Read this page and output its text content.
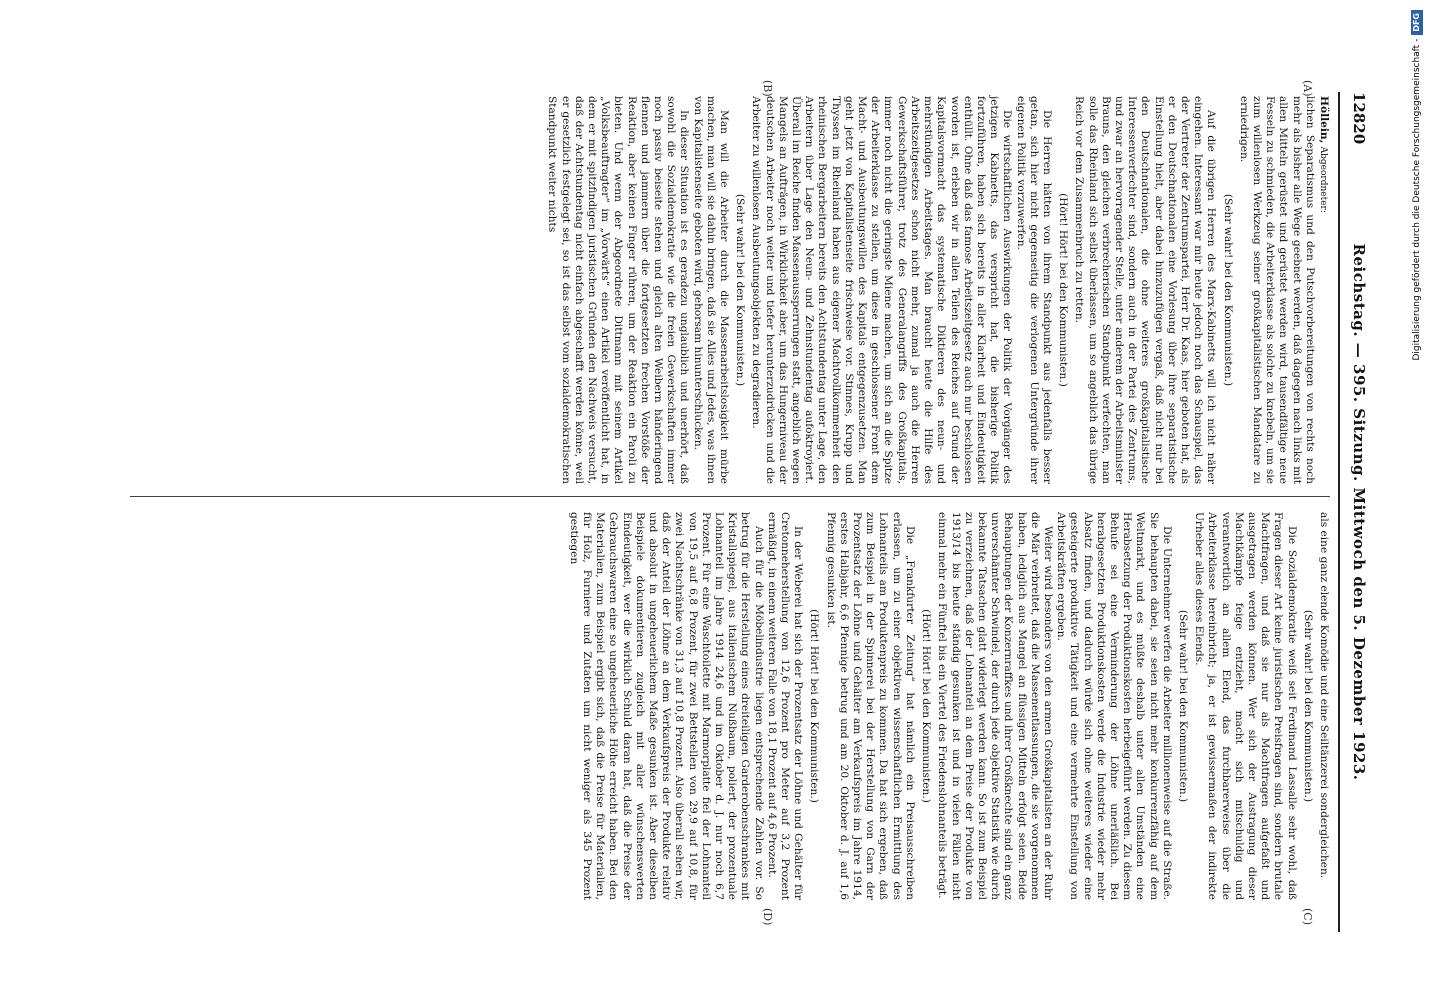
12820
Reichstag. — 395. Sitzung. Mittwoch den 5. Dezember 1923.
(A)
(B)
(C)
(D)

Höllein, Abgeordneter:

lichen Separatismus und den Putschvorbereitungen von rechts noch mehr als bisher alle Wege geebnet werden, daß dagegen nach links mit allen Mitteln gerüstet und gerüstet werden wird, tausendfältige neue Fesseln zu schmieden, die Arbeiterklasse als solche zu knebeln, um sie zum willenlosen Werkzeug seiner großkapitalistischen Mandatare zu erniedrigen.

(Sehr wahr! bei den Kommunisten.)

Auf die übrigen Herren des Marx-Kabinetts will ich nicht näher eingehen. Interessant war mir heute jedoch noch das Schauspiel, das der Vertreter der Zentrumspartei, Herr Dr. Kaas, hier geboten hat, als er den Deutschnationalen eine Vorlesung über ihre separatistische Einstellung hielt, aber dabei hinzuzufügen vergaß, daß nicht nur bei den Deutschnationalen, die ohne weiteres großkapitalistische Interessenverfechter sind, sondern auch in der Partei des Zentrums, und zwar an hervorragender Stelle, unter anderem der Arbeitsminister Brauns, den gleichen verbrecherischen Standpunkt verfechten, man solle das Rheinland sich selbst überlassen, um so angeblich das übrige Reich vor dem Zusammenbruch zu retten.

(Hört! Hört! bei den Kommunisten.)

Die Herren hätten von ihrem Standpunkt aus jedenfalls besser getan, sich hier nicht gegenseitig die verlogenen Untergründe ihrer eigenen Politik vorzuwerfen.

Die wirtschaftlichen Auswirkungen der Politik der Vorgänger des jetzigen Kabinetts, das verspricht hat, die bisherige Politik fortzuführen, haben sich bereits in aller Klarheit und Eindeutigkeit enthüllt. Ohne daß das famose Arbeitszeitgesetz auch nur beschlossen worden ist, erleben wir in allen Teilen des Reiches auf Grund der Kapitalsvormacht das systematische Diktieren des neun- und mehrstündigen Arbeitstages. Man braucht heute die Hilfe des Arbeitszeitgesetzes schon nicht mehr, zumal ja auch die Herren Gewerkschaftsführer, trotz des Generalangriffs des Großkapitals, immer noch nicht die geringste Miene machen, um sich an die Spitze der Arbeiterklasse zu stellen, um diese in geschlossener Front dem Macht- und Ausbeutungswillen des Kapitals entgegenzusetzen. Man geht jetzt von Kapitalistenseite frischweise vor. Stinnes, Krupp und Thyssen im Rheinland haben aus eigener Machtvollkommenheit den rheinischen Bergarbeitern bereits den Achtstundentag unter Lage, den Arbeitern über Lage den Neun- und Zehnstundentag aufoktroyiert. Überall im Reiche finden Massenaussperrungen statt, angeblich wegen Mangels an Aufträgen, in Wirklichkeit aber, um das Hungerniveau der deutschen Arbeiter noch weiter und tiefer herunterzudrücken und die Arbeiter zu willenlosen Ausbeutungsobjekten zu degradieren.

(Sehr wahr! bei den Kommunisten.)

Man will die Arbeiter durch die Massenarbeitslosigkeit mürbe machen, man will sie dahin bringen, daß sie Alles und Jedes, was ihnen von Kapitalistenseite geboten wird, gehorsam hinunterschlucken.

In dieser Situation ist es geradezu unglaublich und unerhört, daß sowohl die Sozialdemokratie wie die freien Gewerkschaften immer noch passiv beiseite stehen und gleich alten Weibern händeringend flennen und jammern über die fortgesetzten frechen Vorstöße der Reaktion, aber keinen Finger rühren, um der Reaktion ein Paroli zu bieten. Und wenn der Abgeordnete Dittmann mit seinem Artikel „Volksbeauftragter“ im „Vorwärts“ einen Artikel veröffentlicht hat, in dem er mit spitzfindigen juristischen Gründen den Nachweis versucht, daß der Achtstundentag nicht einfach abgeschafft werden könne, weil er gesetzlich festgelegt sei, so ist das selbst vom sozialdemokratischen Standpunkt weiter nichts

als eine ganz elende Komödie und eine Seiltänzerei sondergleichen.

(Sehr wahr! bei den Kommunisten.)

Die Sozialdemokratie weiß seit Ferdinand Lassalle sehr wohl, daß Fragen dieser Art keine juristischen Preisfragen sind, sondern brutale Machtfragen, und daß sie nur als Machtfragen aufgefaßt und ausgetragen werden können. Wer sich der Austragung dieser Machtkämpfe feige entzieht, macht sich mitschuldig und verantwortlich an allem Elend, das furchbarerweise über die Arbeiterklasse hereinbricht; ja, er ist gewissermaßen der indirekte Urheber alles dieses Elends.

(Sehr wahr! bei den Kommunisten.)

Die Unternehmer werfen die Arbeiter millionenweise auf die Straße. Sie behaupten dabei, sie seien nicht mehr konkurrenzfähig auf dem Weltmarkt, und es müßte deshalb unter allen Umständen eine Herabsetzung der Produktionskosten herbeigeführt werden. Zu diesem Behufe sei eine Verminderung der Löhne unerläßlich. Bei herabgesetzten Produktionskosten werde die Industrie wieder mehr Absatz finden, und dadurch würde sich ohne weiteres wieder eine gesteigerte produktive Tätigkeit und eine vermehrte Einstellung von Arbeitskräften ergeben.

Weiter wird besonders von den armen Großkapitalisten an der Ruhr die Mär verbreitet, daß die Massenentlassungen, die sie vorgenommen haben, lediglich aus Mangel an flüssigen Mitteln erfolgt seien. Beide Behauptungen der Konzernraffkes und ihrer Großknechte sind ein ganz unverschämter Schwindel, der durch jede objektive Statistik wie durch bekannte Tatsachen glatt widerlegt werden kann. So ist zum Beispiel zu verzeichnen, daß der Lohnanteil an dem Preise der Produkte von 1913/14 bis heute ständig gesunken ist und in vielen Fällen nicht einmal mehr ein Fünftel bis ein Viertel des Friedenslohnanteils beträgt.

(Hört! Hört! bei den Kommunisten.)

Die „Frankfurter Zeitung“ hat nämlich ein Preisausschreiben erlassen, um zu einer objektiven wissenschaftlichen Ermittlung des Lohnanteils am Produktenpreis zu kommen. Da hat sich ergeben, daß zum Beispiel in der Spinnerei bei der Herstellung von Garn der Prozentsatz der Löhne und Gehälter am Verkaufspreis im Jahre 1914, erstes Halbjahr, 6,6 Pfennige betrug und am 20. Oktober d. J. auf 1,6 Pfennig gesunken ist.

(Hört! Hört! bei den Kommunisten.)

In der Weberei hat sich der Prozentsatz der Löhne und Gehälter für Cretonneherstellung von 12,6 Prozent pro Meter auf 3,2 Prozent ermäßigt, in einem weiteren Falle von 18,1 Prozent auf 4,6 Prozent.

Auch für die Möbelindustrie liegen entsprechende Zahlen vor. So betrug für die Herstellung eines dreiteiligen Garderobenschrankes mit Kristallspiegel, aus italienischem Nußbaum, poliert, der prozentuale Lohnanteil im Jahre 1914 24,6 und im Oktober d. J. nur noch 6,7 Prozent. Für eine Waschtoilette mit Marmorplatte fiel der Lohnanteil von 19,5 auf 6,8 Prozent, für zwei Bettstellen von 29,9 auf 10,8, für zwei Nachtschränke von 31,3 auf 10,8 Prozent. Also überall sehen wir, daß der Anteil der Löhne an dem Verkaufspreis der Produkte relativ und absolut in ungeheuerlichem Maße gesunken ist. Aber dieselben Beispiele dokumentieren zugleich mit aller wünschenswerten Eindeutigkeit, wer die wirklich Schuld daran hat, daß die Preise der Gebrauchswaren eine so ungeheuerliche Höhe erreicht haben. Bei den Materialien, zum Beispiel ergibt sich, daß die Preise für Materialien, für Holz, Furniere und Zutaten um nicht weniger als 345 Prozent gestiegen

Digitalisierung gefördert durch die Deutsche Forschungsgemeinschaft -DFG
